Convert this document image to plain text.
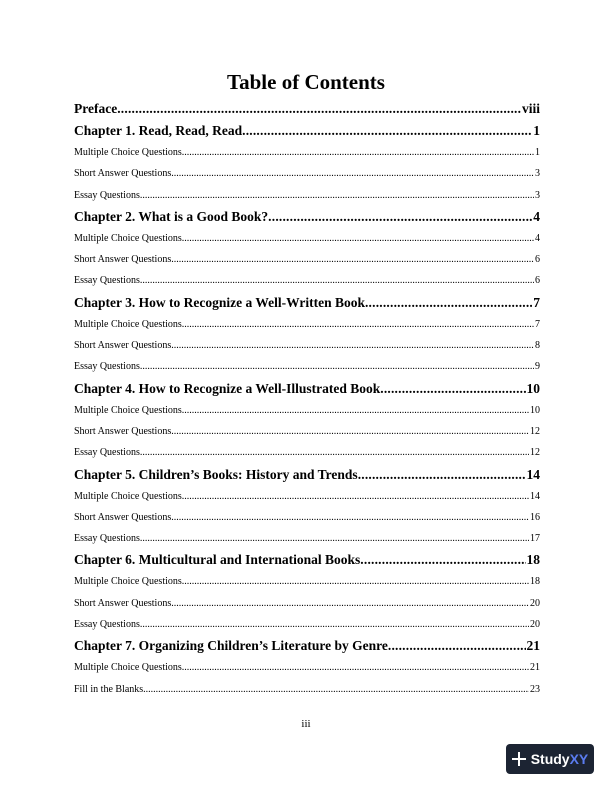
Table of Contents
Preface .....	viii
Chapter 1. Read, Read, Read .....	1
Multiple Choice Questions .....	1
Short Answer Questions .....	3
Essay Questions .....	3
Chapter 2. What is a Good Book? .....	4
Multiple Choice Questions .....	4
Short Answer Questions .....	6
Essay Questions .....	6
Chapter 3. How to Recognize a Well-Written Book .....	7
Multiple Choice Questions .....	7
Short Answer Questions .....	8
Essay Questions .....	9
Chapter 4. How to Recognize a Well-Illustrated Book .....	10
Multiple Choice Questions .....	10
Short Answer Questions .....	12
Essay Questions .....	12
Chapter 5. Children’s Books: History and Trends .....	14
Multiple Choice Questions .....	14
Short Answer Questions .....	16
Essay Questions .....	17
Chapter 6. Multicultural and International Books .....	18
Multiple Choice Questions .....	18
Short Answer Questions .....	20
Essay Questions .....	20
Chapter 7. Organizing Children’s Literature by Genre .....	21
Multiple Choice Questions .....	21
Fill in the Blanks .....	23
iii
StudyXY
